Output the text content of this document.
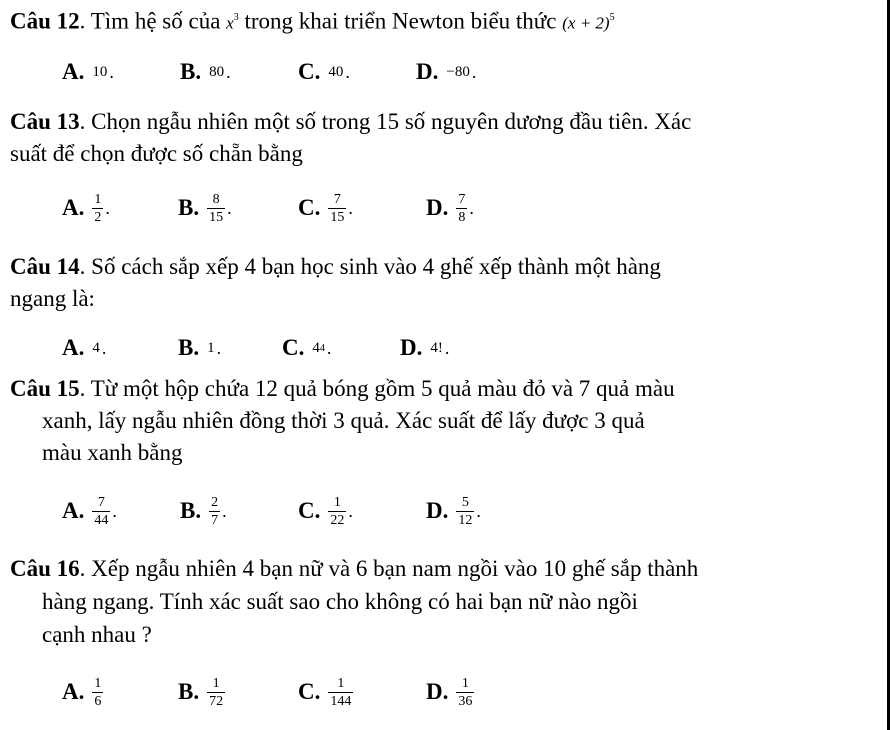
Câu 12. Tìm hệ số của $x^3$ trong khai triển Newton biểu thức $(x + 2)^5$
A. 10 .	B. 80 .	C. 40 .	D. −80 .
Câu 13. Chọn ngẫu nhiên một số trong 15 số nguyên dương đầu tiên. Xác
suất để chọn được số chẵn bằng
A. $\frac{1}{2}$ .	B. $\frac{8}{15}$ .	C. $\frac{7}{15}$ .	D. $\frac{7}{8}$ .
Câu 14. Số cách sắp xếp 4 bạn học sinh vào 4 ghế xếp thành một hàng
ngang là:
A. 4 .	B. 1 .	C. 4 4 .	D. 4! .
Câu 15. Từ một hộp chứa 12 quả bóng gồm 5 quả màu đỏ và 7 quả màu
xanh, lấy ngẫu nhiên đồng thời 3 quả. Xác suất để lấy được 3 quả
màu xanh bằng
A. $\frac{7}{44}$ .	B. $\frac{2}{7}$ .	C. $\frac{1}{22}$ .	D. $\frac{5}{12}$ .
Câu 16. Xếp ngẫu nhiên 4 bạn nữ và 6 bạn nam ngồi vào 10 ghế sắp thành
hàng ngang. Tính xác suất sao cho không có hai bạn nữ nào ngồi
cạnh nhau ?
A. $\frac{1}{6}$	B. $\frac{1}{72}$	C. $\frac{1}{144}$	D. $\frac{1}{36}$
